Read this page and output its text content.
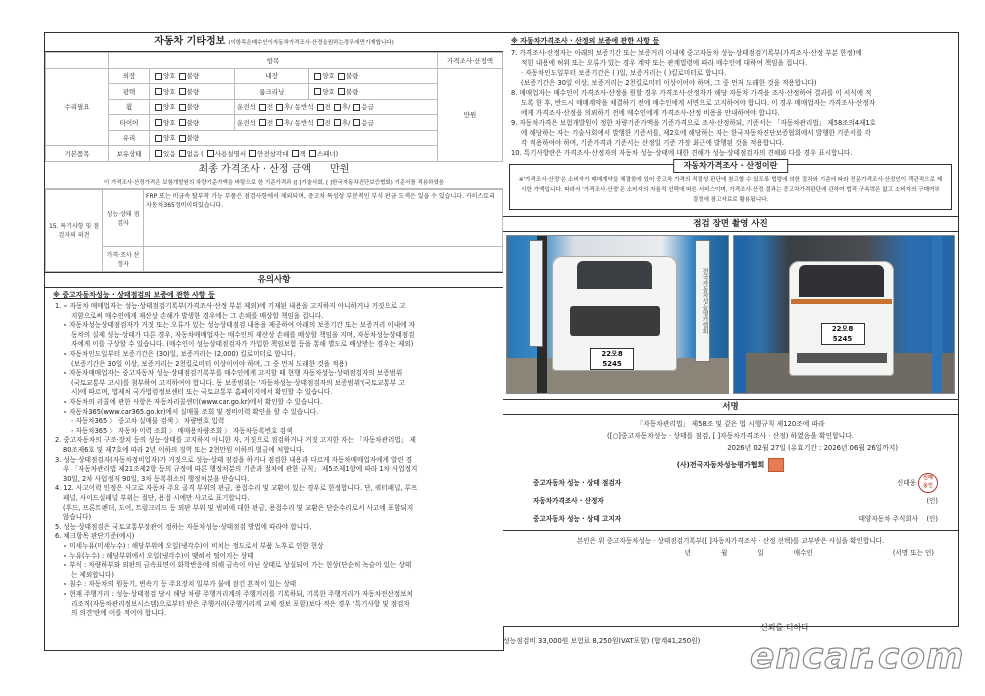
자동차 기타정보 (이항목은매수인이자동차가격조사·산정을원하는경우에만기재합니다)
	항목				가격조사·산정액
수리필요	외장	양호 불량	내장	양호 불량	만원
	광택	양호 불량	룸크리닝	양호 불량	
	휠	양호 불량	운전석 전 후/ 동반석 전 후/ 응급		
	타이어	양호 불량	운전석 전 후/ 동반석 전 후/ 응급		
	유리	양호 불량			
기본품목	보유상태	있음 없음 ( 사용설명서 안전삼각대 잭 스패너)			
최종 가격조사 · 산정 금액 만원
이 가격조사·산정가격은 보험개발원의 차량기준가액을 바탕으로 한 기준가격과 ([ ]기술사회, [ ]한국자동차진단보증협회) 기준서를 적용하였음
15. 특기사항 및 점검자의 의견	성능·상태 점검자	FRP 또는 비금속 탈부착 가능 부품은 점검사항에서 제외되며, 중고차 특성상 부분적인 부식 판금 도색은 있을 수 있습니다. 카히스토리 자동차365정비이력있습니다.
	가격·조사 산정자	
유의사항
※ 중고자동차성능 · 상태점검의 보증에 관한 사항 등
1. ∘ 자동차 매매업자는 성능·상태점검기록부(가격조사·산정 부분 제외)에 기재된 내용을 고지하지 아니하거나 거짓으로 고
지함으로써 매수인에게 재산상 손해가 발생한 경우에는 그 손해를 배상할 책임을 집니다.
∘ 자동차성능상태점검자가 거짓 또는 오류가 있는 성능상태점검 내용을 제공하여 아래의 보증기간 또는 보증거리 이내에 자
동차의 실제 성능·상태가 다른 경우, 자동차매매업자는 매수인의 재산상 손해를 배상할 책임을 지며, 자동차성능상태점검
자에게 이를 구상할 수 있습니다. (매수인이 성능상태점검자가 가입한 책임보험 등을 통해 별도로 배상받는 경우는 제외)
∘ 자동차인도일부터 보증기간은 (30)일, 보증거리는 (2,000) 킬로미터로 합니다.
(보증기간은 30일 이상, 보증거리는 2천킬로미터 이상이어야 하며, 그 중 먼저 도래한 것을 적용)
∘ 자동차매매업자는 중고자동차 성능·상태점검기록부를 매수인에게 고지할 때 현행 자동차성능·상태점검자의 보증범위
(국토교통부 고시)를 첨부하여 고지하여야 합니다. 동 보증범위는 '자동차성능·상태점검자의 보증범위'(국토교통부 고
시)에 따르며, 법제처 국가법령정보센터 또는 국토교통부 홈페이지에서 확인할 수 있습니다.
∘ 자동차의 리콜에 관한 사항은 자동차리콜센터(www.car.go.kr)에서 확인할 수 있습니다.
∘ 자동차365(www.car365.go.kr)에서 실매물 조회 및 정비이력 확인을 할 수 있습니다.
- 자동차365 〉 중고차 실매물 검색 〉 차량번호 입력
- 자동차365 〉 자동차 이력 조회 〉 매매용차량조회 〉 자동차등록번호 검색
2. 중고자동차의 구조·장치 등의 성능·상태를 고지하지 아니한 자, 거짓으로 점검하거나 거짓 고지한 자는 「자동차관리법」 제
80조제6호 및 제7호에 따라 2년 이하의 징역 또는 2천만원 이하의 벌금에 처합니다.
3. 성능·상태점검자(자동차정비업자)가 거짓으로 성능·상태 점검을 하거나 점검한 내용과 다르게 자동차매매업자에게 알린 경
우 「자동차관리법 제21조제2항 등의 규정에 따른 행정처분의 기준과 절차에 관한 규칙」 제5조제1항에 따라 1차 사업정지
30일, 2차 사업정지 90일, 3차 등록취소의 행정처분을 받습니다.
4. 12. 사고이력 인정은 사고로 자동차 주요 골격 부위의 판금, 용접수리 및 교환이 있는 경우로 한정합니다. 단, 쿼터패널, 루프
패널, 사이드실패널 부위는 절단, 용접 시에만 사고로 표기합니다.
(후드, 프론트펜더, 도어, 트렁크리드 등 외판 부위 및 범퍼에 대한 판금, 용접수리 및 교환은 단순수리로서 사고에 포함되지
않습니다)
5. 성능·상태점검은 국토교통부장관이 정하는 자동차성능·상태점검 방법에 따라야 합니다.
6. 체크항목 판단기준(예시)
∘ 미세누유(미세누수) : 해당부위에 오일(냉각수)이 비치는 정도로서 부품 노후로 인한 현상
∘ 누유(누수) : 해당부위에서 오일(냉각수)이 맺혀서 떨어지는 상태
∘ 부식 : 차량하부와 외판의 금속표면이 화학반응에 의해 금속이 아닌 상태로 상실되어 가는 현상(단순히 녹슬어 있는 상태
는 제외합니다)
∘ 침수 : 자동차의 원동기, 변속기 등 주요장치 일부가 물에 잠긴 흔적이 있는 상태
∘ 현재 주행거리 : 성능·상태점검 당시 해당 차량 주행거리계의 주행거리를 기록하되, 기록한 주행거리가 자동차전산정보처
리조직(자동차관리정보시스템)으로부터 받은 주행거리(주행거리계 교체 정보 포함)보다 적은 경우 '특기사항 및 점검자
의 의견'란에 이를 적어야 합니다.
※ 자동차가격조사 · 산정의 보증에 관한 사항 등
7. 가격조사·산정자는 아래의 보증기간 또는 보증거리 이내에 중고자동차 성능·상태점검기록부(가격조사·산정 부분 한정)에
적힌 내용에 허위 또는 오류가 있는 경우 계약 또는 관계법령에 따라 매수인에 대하여 책임을 집니다.
· 자동차인도일부터 보증기간은 ( )일, 보증거리는 ( )킬로미터로 합니다.
(보증기간은 30일 이상, 보증거리는 2천킬로미터 이상이어야 하며, 그 중 먼저 도래한 것을 적용합니다)
8. 매매업자는 매수인이 가격조사·산정을 원할 경우 가격조사·산정자가 해당 자동차 가격을 조사·산정하여 결과를 이 서식에 적
도록 한 후, 반드시 매매계약을 체결하기 전에 매수인에게 서면으로 고지하여야 합니다. 이 경우 매매업자는 가격조사·산정자
에게 가격조사·산정을 의뢰하기 전에 매수인에게 가격조사·산정 비용을 안내하여야 합니다.
9. 자동차가격은 보험개발원이 정한 차량기준가액을 기준가격으로 조사·산정하되, 기준서는 「자동차관리법」 제58조의4제1호
에 해당하는 자는 기술사회에서 발행한 기준서를, 제2호에 해당하는 자는 한국자동차진단보증협회에서 발행한 기준서를 각
각 적용하여야 하며, 기준가격과 기준서는 산정일 기준 가장 최근에 발행된 것을 적용합니다.
10. 특기사항란은 가격조사·산정자의 자동차 성능·상태에 대한 견해가 성능·상태점검자의 견해와 다를 경우 표시합니다.
자동차가격조사 · 산정이란
※'가격조사·산정'은 소비자가 매매계약을 체결함에 있어 중고차 가격의 적절성 판단에 참고할 수 있도록 법령에 의한 절차와 기준에 따라 전문가격조사·산정인이 객관적으로 제시한 가액입니다. 따라서 '가격조사·산정'은 소비자의 자율적 선택에 따른 서비스이며, 가격조사·산정 결과는 중고차가격판단에 관하여 법적 구속력은 없고 소비자의 구매여부 결정에 참고자료로 활용됩니다.
점검 장면 촬영 사진
전국자동차성능평가협회
22오8 5245
22오8 5245
서명
「자동차관리법」 제58조 및 같은 법 시행규칙 제120조에 따라
([○]중고자동차성능 · 상태를 점검, [ ]자동차가격조사 · 산정) 하였음을 확인합니다.
2026년 02월 27일 (유효기간 : 2026년 06월 26일까지)
(사)전국자동차성능평가협회
중고자동차 성능 · 상태 점검자	신태웅신태
웅인
자동차가격조사 · 산정자	(인)
중고자동차 성능 · 상태 고지자	태양자동차 주식회사 (인)
본인은 위 중고자동차성능 · 상태점검기록부([ ]자동차가격조사 · 산정 선택)를 교부받은 사실을 확인합니다.
년	월	일	매수인	(서명 또는 인)
신뢰를 더하다
성능점검비 33,000원 보험료 8,250원(VAT포함) (합계41,250원) encar.com
